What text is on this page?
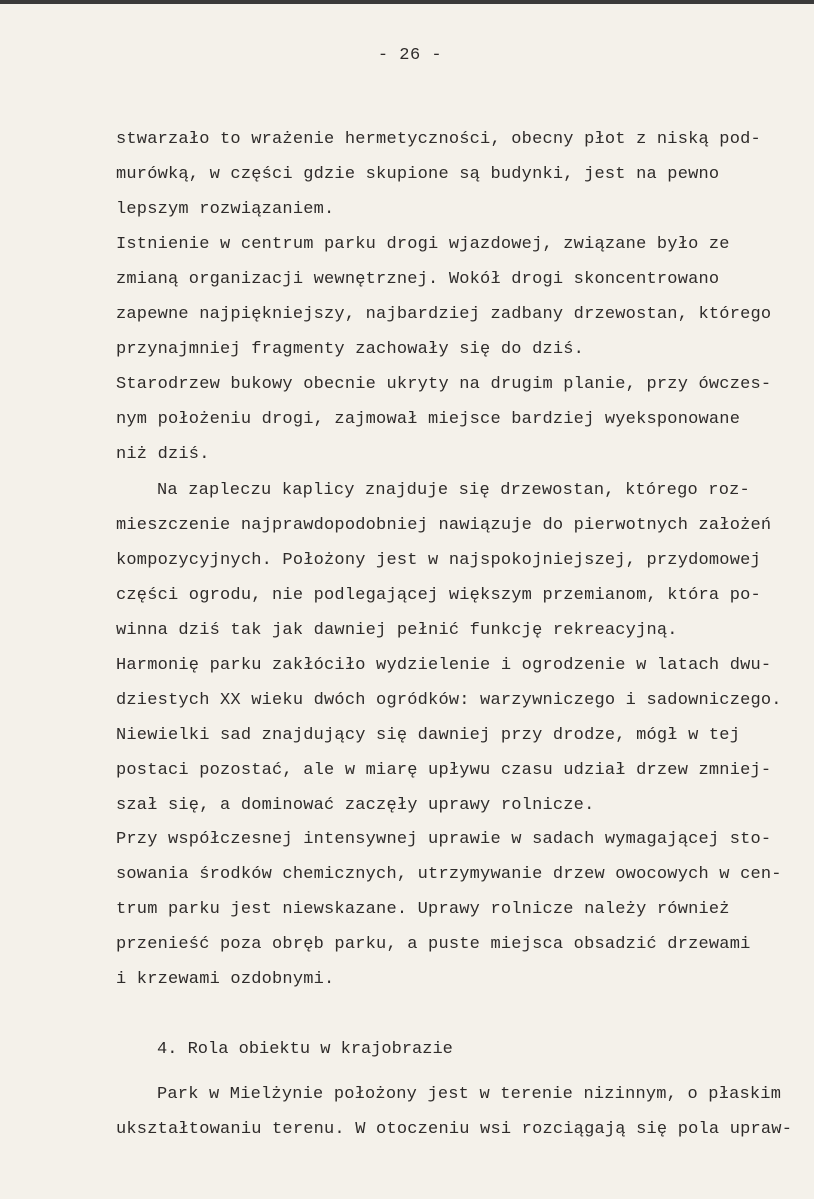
- 26 -
stwarzało to wrażenie hermetyczności, obecny płot z niską pod-
murówką, w części gdzie skupione są budynki, jest na pewno
lepszym rozwiązaniem.
Istnienie w centrum parku drogi wjazdowej, związane było ze
zmianą organizacji wewnętrznej. Wokół drogi skoncentrowano
zapewne najpiękniejszy, najbardziej zadbany drzewostan, którego
przynajmniej fragmenty zachowały się do dziś.
Starodrzew bukowy obecnie ukryty na drugim planie, przy ówczes-
nym położeniu drogi, zajmował miejsce bardziej wyeksponowane
niż dziś.
Na zapleczu kaplicy znajduje się drzewostan, którego roz-
mieszczenie najprawdopodobniej nawiązuje do pierwotnych założeń
kompozycyjnych. Położony jest w najspokojniejszej, przydomowej
części ogrodu, nie podlegającej większym przemianom, która po-
winna dziś tak jak dawniej pełnić funkcję rekreacyjną.
Harmonię parku zakłóciło wydzielenie i ogrodzenie w latach dwu-
dziestych XX wieku dwóch ogródków: warzywniczego i sadowniczego.
Niewielki sad znajdujący się dawniej przy drodze, mógł w tej
postaci pozostać, ale w miarę upływu czasu udział drzew zmniej-
szał się, a dominować zaczęły uprawy rolnicze.
Przy współczesnej intensywnej uprawie w sadach wymagającej sto-
sowania środków chemicznych, utrzymywanie drzew owocowych w cen-
trum parku jest niewskazane. Uprawy rolnicze należy również
przenieść poza obręb parku, a puste miejsca obsadzić drzewami
i krzewami ozdobnymi.
4. Rola obiektu w krajobrazie
Park w Mielżynie położony jest w terenie nizinnym, o płaskim
ukształtowaniu terenu. W otoczeniu wsi rozciągają się pola upraw-
